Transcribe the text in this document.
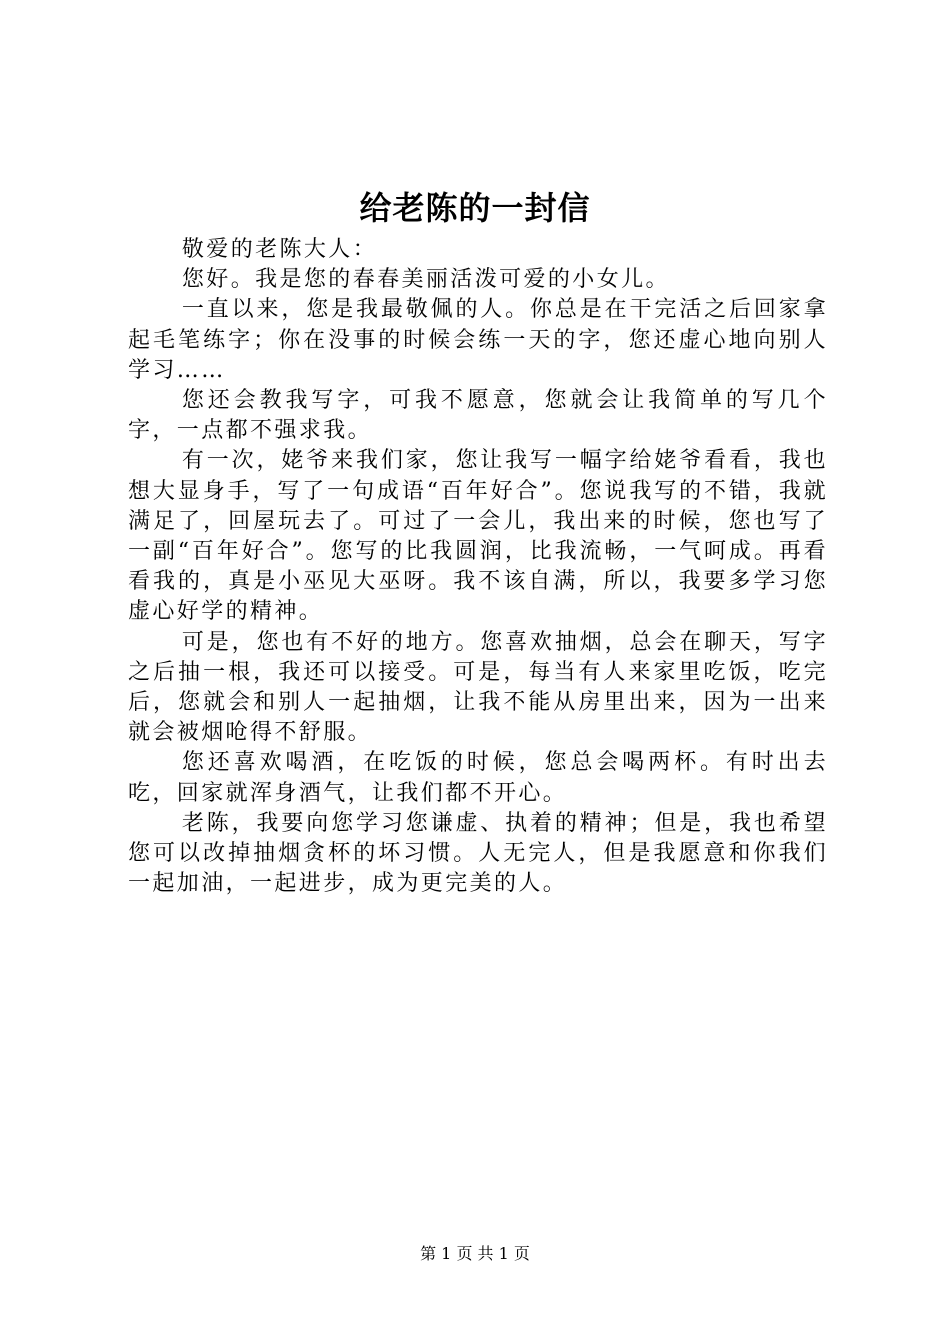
给老陈的一封信

敬爱的老陈大人：

您好。我是您的春春美丽活泼可爱的小女儿。

一直以来，您是我最敬佩的人。你总是在干完活之后回家拿起毛笔练字；你在没事的时候会练一天的字，您还虚心地向别人学习……

您还会教我写字，可我不愿意，您就会让我简单的写几个字，一点都不强求我。

有一次，姥爷来我们家，您让我写一幅字给姥爷看看，我也想大显身手，写了一句成语“百年好合”。您说我写的不错，我就满足了，回屋玩去了。可过了一会儿，我出来的时候，您也写了一副“百年好合”。您写的比我圆润，比我流畅，一气呵成。再看看我的，真是小巫见大巫呀。我不该自满，所以，我要多学习您虚心好学的精神。

可是，您也有不好的地方。您喜欢抽烟，总会在聊天，写字之后抽一根，我还可以接受。可是，每当有人来家里吃饭，吃完后，您就会和别人一起抽烟，让我不能从房里出来，因为一出来就会被烟呛得不舒服。

您还喜欢喝酒，在吃饭的时候，您总会喝两杯。有时出去吃，回家就浑身酒气，让我们都不开心。

老陈，我要向您学习您谦虚、执着的精神；但是，我也希望您可以改掉抽烟贪杯的坏习惯。人无完人，但是我愿意和你我们一起加油，一起进步，成为更完美的人。

第 1 页 共 1 页
